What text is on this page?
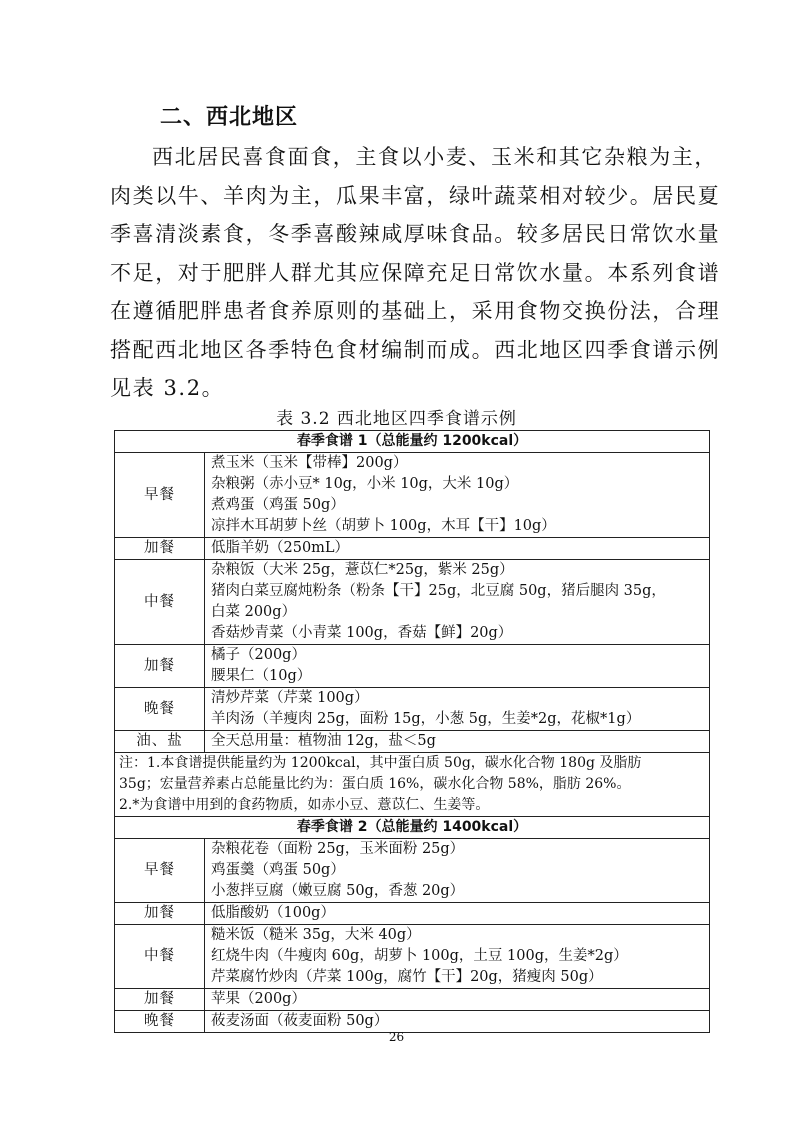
二、西北地区
西北居民喜食面食，主食以小麦、玉米和其它杂粮为主，
肉类以牛、羊肉为主，瓜果丰富，绿叶蔬菜相对较少。居民夏
季喜清淡素食，冬季喜酸辣咸厚味食品。较多居民日常饮水量
不足，对于肥胖人群尤其应保障充足日常饮水量。本系列食谱
在遵循肥胖患者食养原则的基础上，采用食物交换份法，合理
搭配西北地区各季特色食材编制而成。西北地区四季食谱示例
见表 3.2。
表 3.2 西北地区四季食谱示例
春季食谱 1（总能量约 1200kcal）	
早餐	煮玉米（玉米【带棒】200g）
杂粮粥（赤小豆* 10g，小米 10g，大米 10g）
煮鸡蛋（鸡蛋 50g）
凉拌木耳胡萝卜丝（胡萝卜 100g，木耳【干】10g）

加餐	低脂羊奶（250mL）

中餐	杂粮饭（大米 25g，薏苡仁*25g，紫米 25g）
猪肉白菜豆腐炖粉条（粉条【干】25g，北豆腐 50g，猪后腿肉 35g，
白菜 200g）
香菇炒青菜（小青菜 100g，香菇【鲜】20g）

加餐	橘子（200g）
腰果仁（10g）

晚餐	清炒芹菜（芹菜 100g）
羊肉汤（羊瘦肉 25g，面粉 15g，小葱 5g，生姜*2g，花椒*1g）

油、盐	全天总用量：植物油 12g，盐＜5g

注：1.本食谱提供能量约为 1200kcal，其中蛋白质 50g，碳水化合物 180g 及脂肪
35g；宏量营养素占总能量比约为：蛋白质 16%，碳水化合物 58%，脂肪 26%。
2.*为食谱中用到的食药物质，如赤小豆、薏苡仁、生姜等。	

春季食谱 2（总能量约 1400kcal）	
早餐	杂粮花卷（面粉 25g，玉米面粉 25g）
鸡蛋羹（鸡蛋 50g）
小葱拌豆腐（嫩豆腐 50g，香葱 20g）

加餐	低脂酸奶（100g）

中餐	糙米饭（糙米 35g，大米 40g）
红烧牛肉（牛瘦肉 60g，胡萝卜 100g，土豆 100g，生姜*2g）
芹菜腐竹炒肉（芹菜 100g，腐竹【干】20g，猪瘦肉 50g）

加餐	苹果（200g）

晚餐	莜麦汤面（莜麦面粉 50g）
26
